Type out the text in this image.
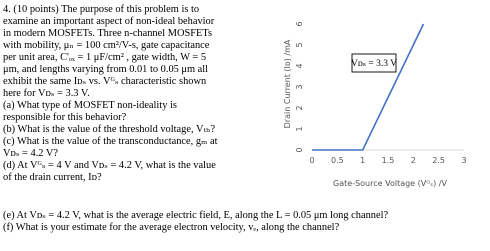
4. (10 points) The purpose of this problem is to
examine an important aspect of non-ideal behavior
in modern MOSFETs. Three n-channel MOSFETs
with mobility, μₙ = 100 cm²/V-s, gate capacitance
per unit area, C'ₒₓ = 1 μF/cm² , gate width, W = 5
μm, and lengths varying from 0.01 to 0.05 μm all
exhibit the same Iᴅₛ vs. Vᴳₛ characteristic shown
here for Vᴅₛ = 3.3 V.
(a) What type of MOSFET non-ideality is
responsible for this behavior?
(b) What is the value of the threshold voltage, Vₜₕ?
(c) What is the value of the transconductance, gₘ at
Vᴅₛ = 4.2 V?
(d) At Vᴳₛ = 4 V and Vᴅₛ = 4.2 V, what is the value
of the drain current, Iᴅ?
(e) At Vᴅₛ = 4.2 V, what is the average electric field, E, along the L = 0.05 μm long channel?
(f) What is your estimate for the average electron velocity, vₑ, along the channel?
0 0.5 1 1.5 2 2.5 3
0
1
2
3
4
5
6
Vᴅₛ = 3.3 V
Gate-Source Voltage (Vᴳₛ) /V
Drain Current (Iᴅ) /mA
